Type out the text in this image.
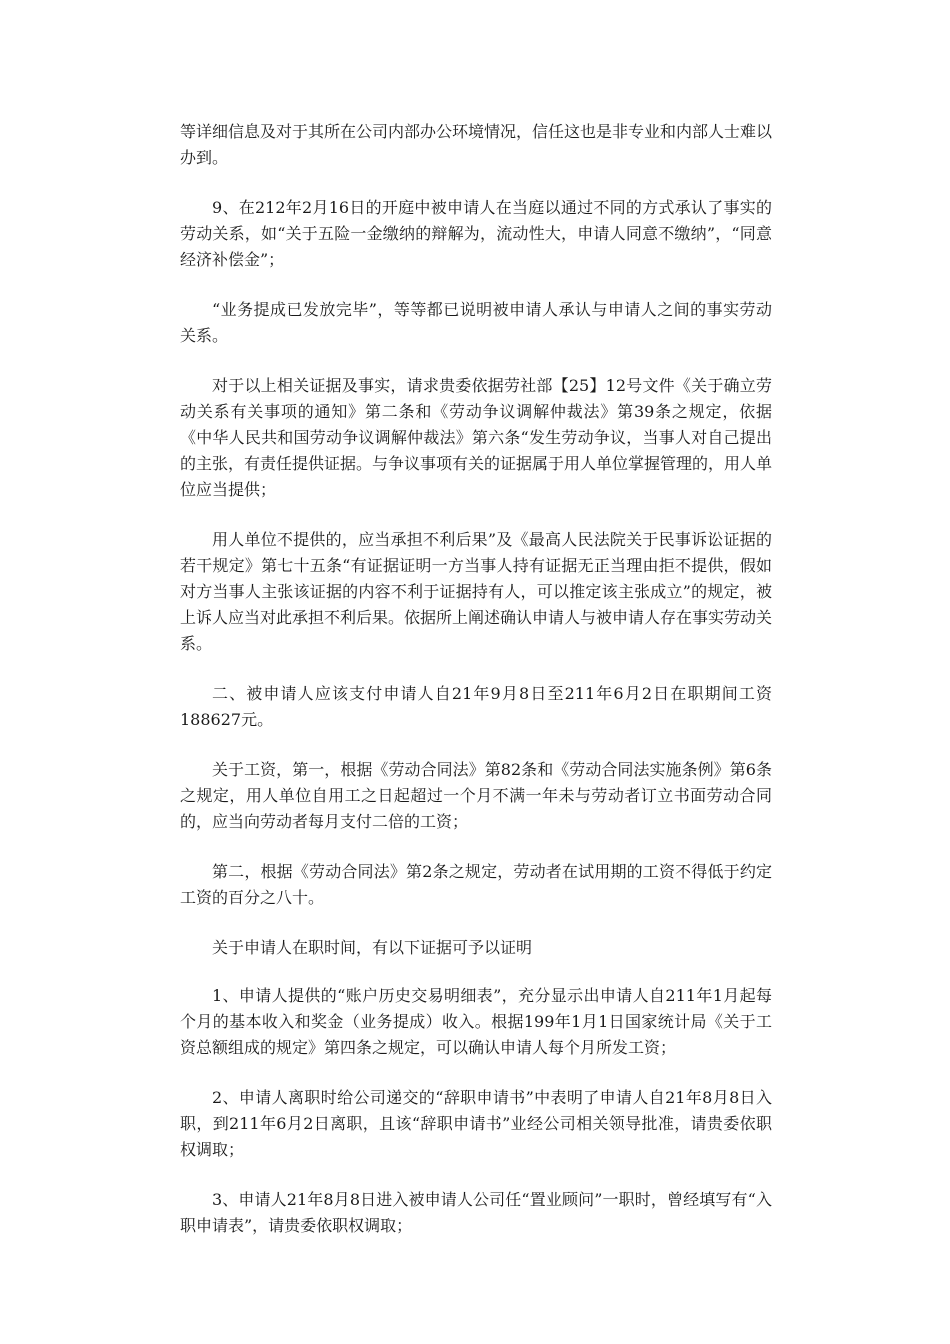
等详细信息及对于其所在公司内部办公环境情况，信任这也是非专业和内部人士难以办到。

9、在212年2月16日的开庭中被申请人在当庭以通过不同的方式承认了事实的劳动关系，如“关于五险一金缴纳的辩解为，流动性大，申请人同意不缴纳”，“同意经济补偿金”；

“业务提成已发放完毕”，等等都已说明被申请人承认与申请人之间的事实劳动关系。

对于以上相关证据及事实，请求贵委依据劳社部【25】12号文件《关于确立劳动关系有关事项的通知》第二条和《劳动争议调解仲裁法》第39条之规定，依据《中华人民共和国劳动争议调解仲裁法》第六条“发生劳动争议，当事人对自己提出的主张，有责任提供证据。与争议事项有关的证据属于用人单位掌握管理的，用人单位应当提供；

用人单位不提供的，应当承担不利后果”及《最高人民法院关于民事诉讼证据的若干规定》第七十五条“有证据证明一方当事人持有证据无正当理由拒不提供，假如对方当事人主张该证据的内容不利于证据持有人，可以推定该主张成立”的规定，被上诉人应当对此承担不利后果。依据所上阐述确认申请人与被申请人存在事实劳动关系。

二、被申请人应该支付申请人自21年9月8日至211年6月2日在职期间工资188627元。

关于工资，第一，根据《劳动合同法》第82条和《劳动合同法实施条例》第6条之规定，用人单位自用工之日起超过一个月不满一年未与劳动者订立书面劳动合同的，应当向劳动者每月支付二倍的工资；

第二，根据《劳动合同法》第2条之规定，劳动者在试用期的工资不得低于约定工资的百分之八十。

关于申请人在职时间，有以下证据可予以证明

1、申请人提供的“账户历史交易明细表”，充分显示出申请人自211年1月起每个月的基本收入和奖金（业务提成）收入。根据199年1月1日国家统计局《关于工资总额组成的规定》第四条之规定，可以确认申请人每个月所发工资；

2、申请人离职时给公司递交的“辞职申请书”中表明了申请人自21年8月8日入职，到211年6月2日离职，且该“辞职申请书”业经公司相关领导批准，请贵委依职权调取；

3、申请人21年8月8日进入被申请人公司任“置业顾问”一职时，曾经填写有“入职申请表”，请贵委依职权调取；
